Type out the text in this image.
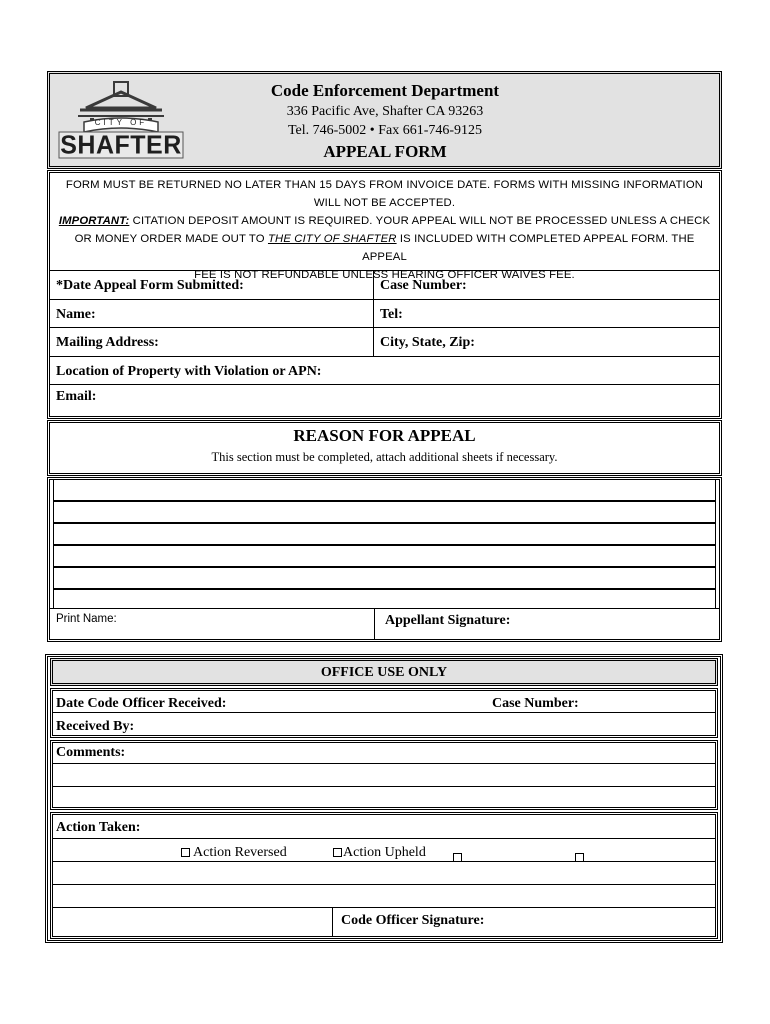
CITY OF
SHAFTER
Code Enforcement Department
336 Pacific Ave, Shafter CA 93263
Tel. 746-5002 • Fax 661-746-9125
APPEAL FORM
FORM MUST BE RETURNED NO LATER THAN 15 DAYS FROM INVOICE DATE. FORMS WITH MISSING INFORMATION
WILL NOT BE ACCEPTED.
IMPORTANT: CITATION DEPOSIT AMOUNT IS REQUIRED. YOUR APPEAL WILL NOT BE PROCESSED UNLESS A CHECK
OR MONEY ORDER MADE OUT TO THE CITY OF SHAFTER IS INCLUDED WITH COMPLETED APPEAL FORM. THE APPEAL
FEE IS NOT REFUNDABLE UNLESS HEARING OFFICER WAIVES FEE.
*Date Appeal Form Submitted:	Case Number:
Name:	Tel:
Mailing Address:	City, State, Zip:
Location of Property with Violation or APN:
Email:
REASON FOR APPEAL
This section must be completed, attach additional sheets if necessary.
Print Name:	Appellant Signature:
OFFICE USE ONLY
Date Code Officer Received:	Case Number:
Received By:
Comments:
Action Taken:
Action Reversed	Action Upheld
Code Officer Signature:
